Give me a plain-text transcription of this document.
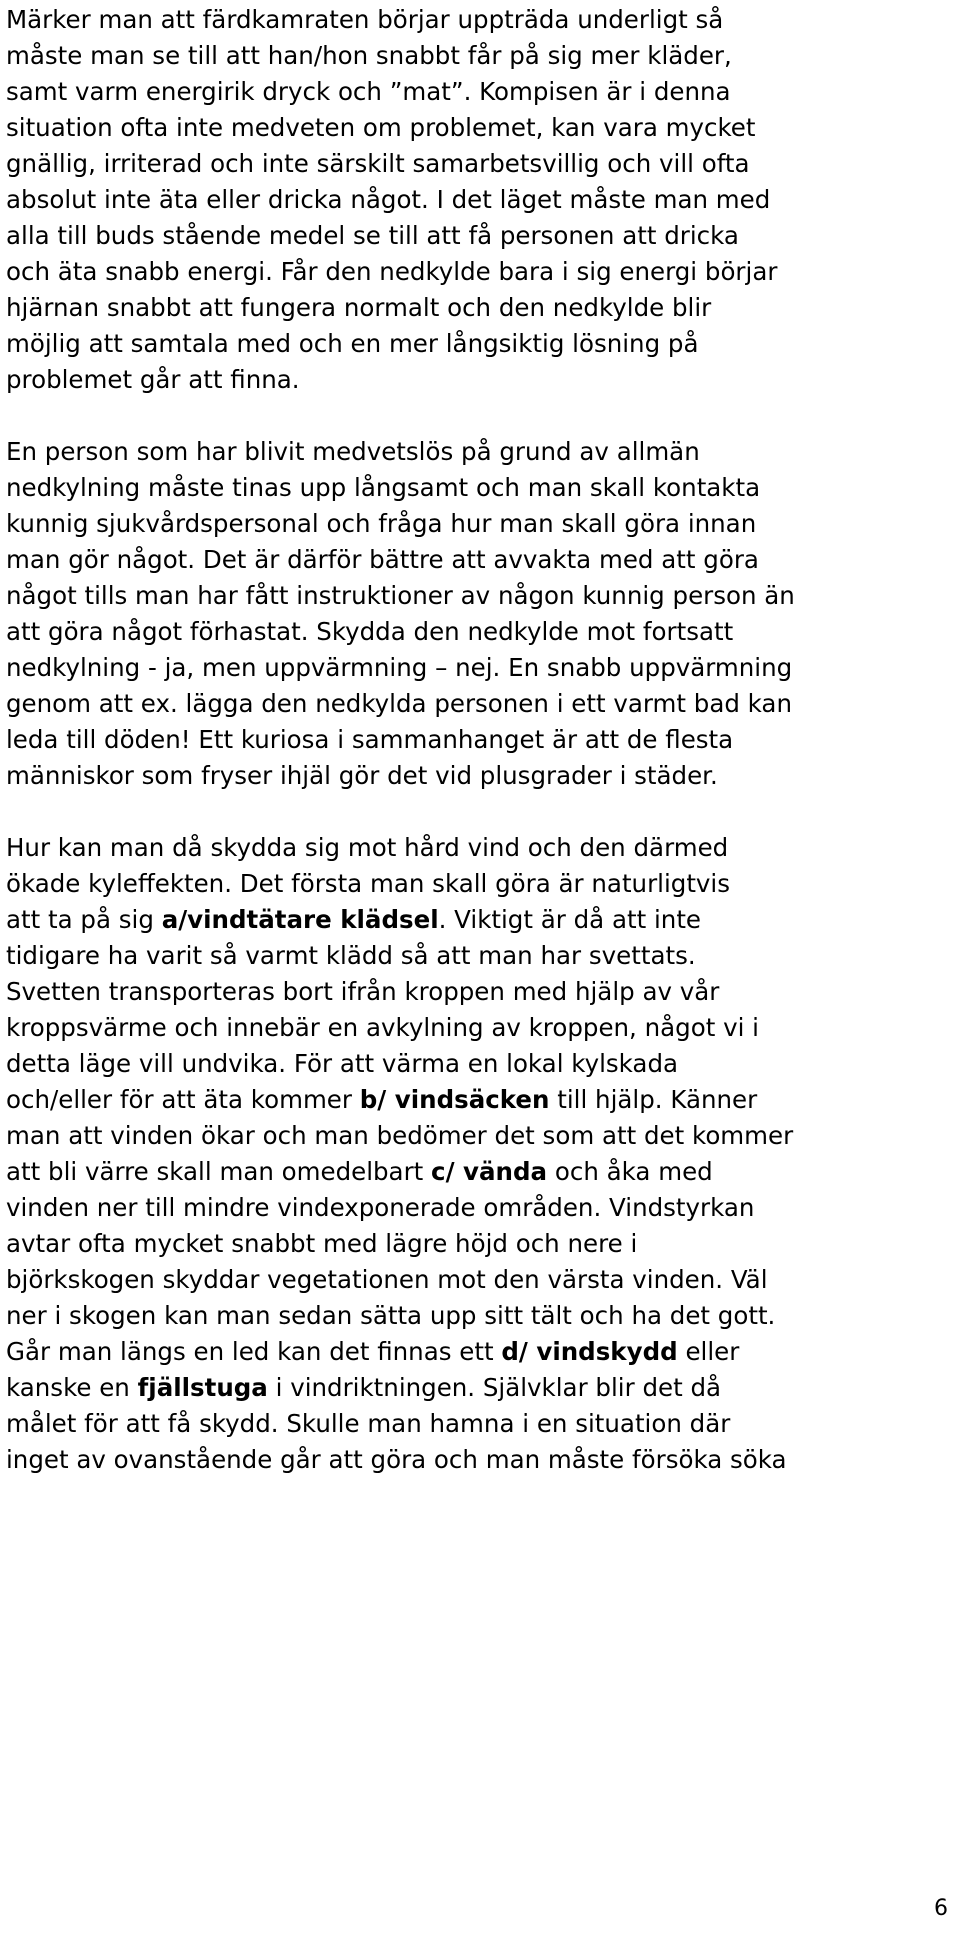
Märker man att färdkamraten börjar uppträda underligt så
måste man se till att han/hon snabbt får på sig mer kläder,
samt varm energirik dryck och ”mat”. Kompisen är i denna
situation ofta inte medveten om problemet, kan vara mycket
gnällig, irriterad och inte särskilt samarbetsvillig och vill ofta
absolut inte äta eller dricka något. I det läget måste man med
alla till buds stående medel se till att få personen att dricka
och äta snabb energi. Får den nedkylde bara i sig energi börjar
hjärnan snabbt att fungera normalt och den nedkylde blir
möjlig att samtala med och en mer långsiktig lösning på
problemet går att finna.
En person som har blivit medvetslös på grund av allmän
nedkylning måste tinas upp långsamt och man skall kontakta
kunnig sjukvårdspersonal och fråga hur man skall göra innan
man gör något. Det är därför bättre att avvakta med att göra
något tills man har fått instruktioner av någon kunnig person än
att göra något förhastat. Skydda den nedkylde mot fortsatt
nedkylning - ja, men uppvärmning – nej. En snabb uppvärmning
genom att ex. lägga den nedkylda personen i ett varmt bad kan
leda till döden! Ett kuriosa i sammanhanget är att de flesta
människor som fryser ihjäl gör det vid plusgrader i städer.
Hur kan man då skydda sig mot hård vind och den därmed
ökade kyleffekten. Det första man skall göra är naturligtvis
att ta på sig a/vindtätare klädsel. Viktigt är då att inte
tidigare ha varit så varmt klädd så att man har svettats.
Svetten transporteras bort ifrån kroppen med hjälp av vår
kroppsvärme och innebär en avkylning av kroppen, något vi i
detta läge vill undvika. För att värma en lokal kylskada
och/eller för att äta kommer b/ vindsäcken till hjälp. Känner
man att vinden ökar och man bedömer det som att det kommer
att bli värre skall man omedelbart c/ vända och åka med
vinden ner till mindre vindexponerade områden. Vindstyrkan
avtar ofta mycket snabbt med lägre höjd och nere i
björkskogen skyddar vegetationen mot den värsta vinden. Väl
ner i skogen kan man sedan sätta upp sitt tält och ha det gott.
Går man längs en led kan det finnas ett d/ vindskydd eller
kanske en fjällstuga i vindriktningen. Självklar blir det då
målet för att få skydd. Skulle man hamna i en situation där
inget av ovanstående går att göra och man måste försöka söka
6
